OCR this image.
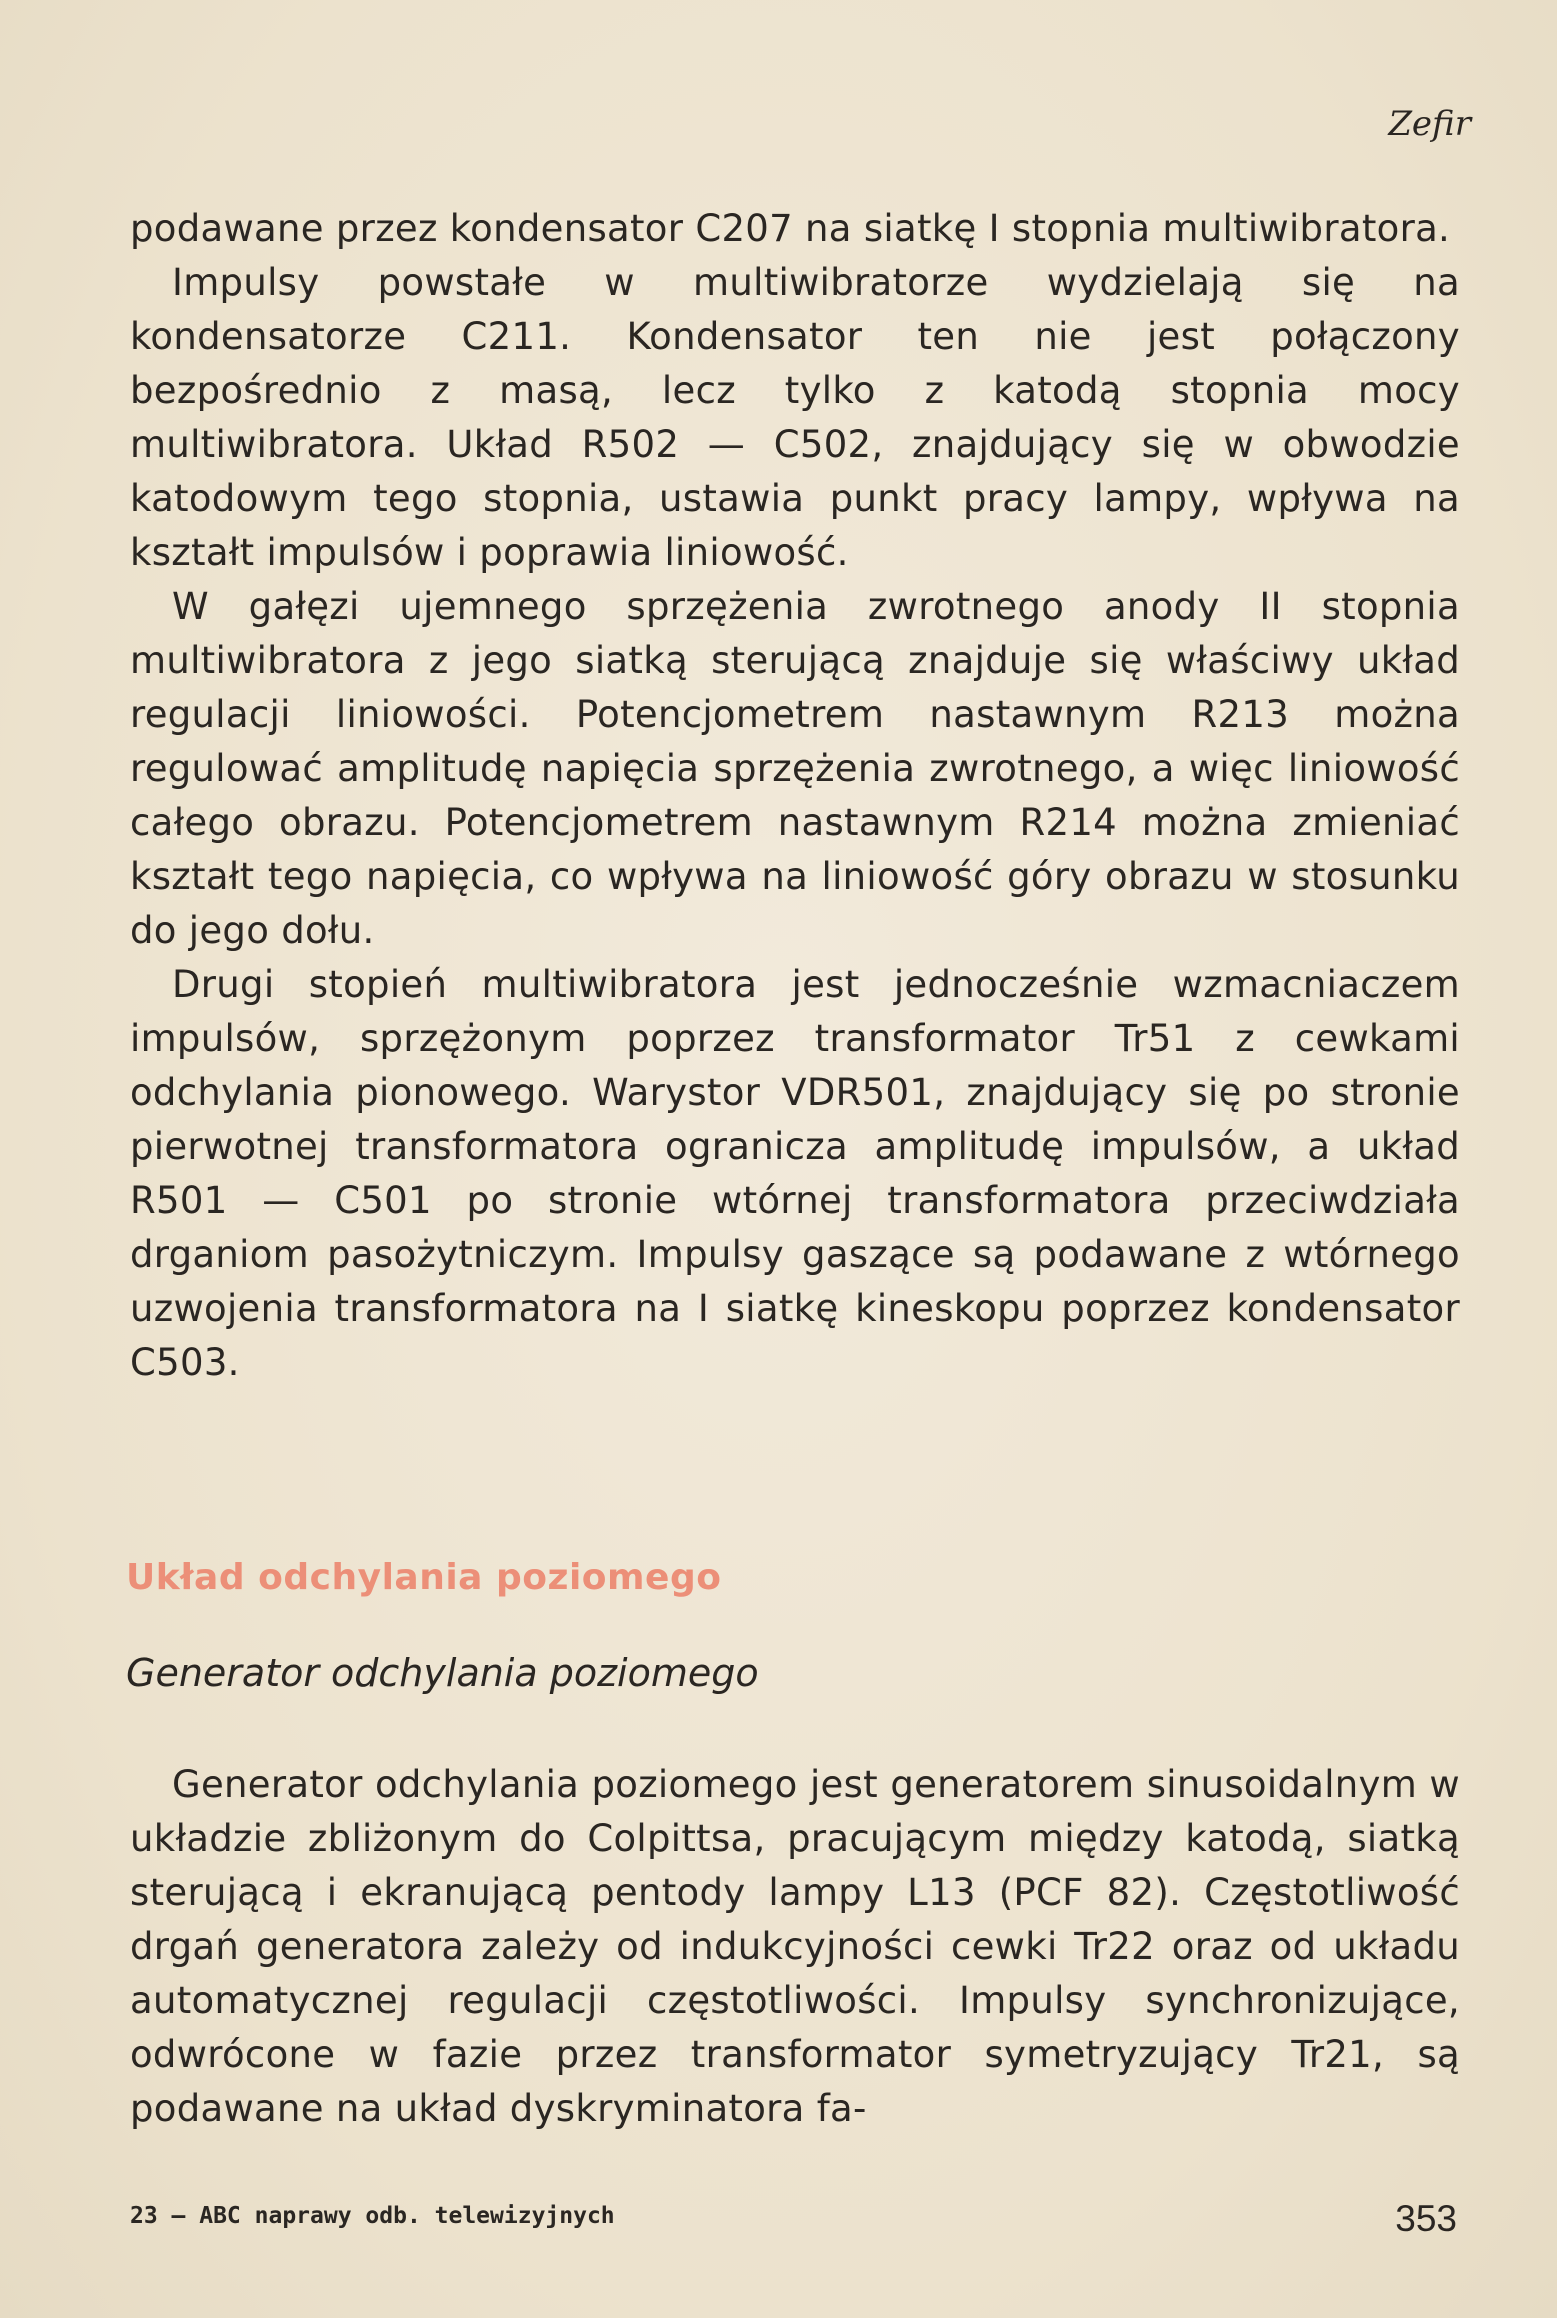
Zefir

podawane przez kondensator C207 na siatkę I stopnia multiwibratora.

Impulsy powstałe w multiwibratorze wydzielają się na kondensatorze C211. Kondensator ten nie jest połączony bezpośrednio z masą, lecz tylko z katodą stopnia mocy multiwibratora. Układ R502 — C502, znajdujący się w obwodzie katodowym tego stopnia, ustawia punkt pracy lampy, wpływa na kształt impulsów i poprawia liniowość.

W gałęzi ujemnego sprzężenia zwrotnego anody II stopnia multiwibratora z jego siatką sterującą znajduje się właściwy układ regulacji liniowości. Potencjometrem nastawnym R213 można regulować amplitudę napięcia sprzężenia zwrotnego, a więc liniowość całego obrazu. Potencjometrem nastawnym R214 można zmieniać kształt tego napięcia, co wpływa na liniowość góry obrazu w stosunku do jego dołu.

Drugi stopień multiwibratora jest jednocześnie wzmacniaczem impulsów, sprzężonym poprzez transformator Tr51 z cewkami odchylania pionowego. Warystor VDR501, znajdujący się po stronie pierwotnej transformatora ogranicza amplitudę impulsów, a układ R501 — C501 po stronie wtórnej transformatora przeciwdziała drganiom pasożytniczym. Impulsy gaszące są podawane z wtórnego uzwojenia transformatora na I siatkę kineskopu poprzez kondensator C503.

Układ odchylania poziomego
Generator odchylania poziomego

Generator odchylania poziomego jest generatorem sinusoidalnym w układzie zbliżonym do Colpittsa, pracującym między katodą, siatką sterującą i ekranującą pentody lampy L13 (PCF 82). Częstotliwość drgań generatora zależy od indukcyjności cewki Tr22 oraz od układu automatycznej regulacji częstotliwości. Impulsy synchronizujące, odwrócone w fazie przez transformator symetryzujący Tr21, są podawane na układ dyskryminatora fa-

23 – ABC naprawy odb. telewizyjnych	353
